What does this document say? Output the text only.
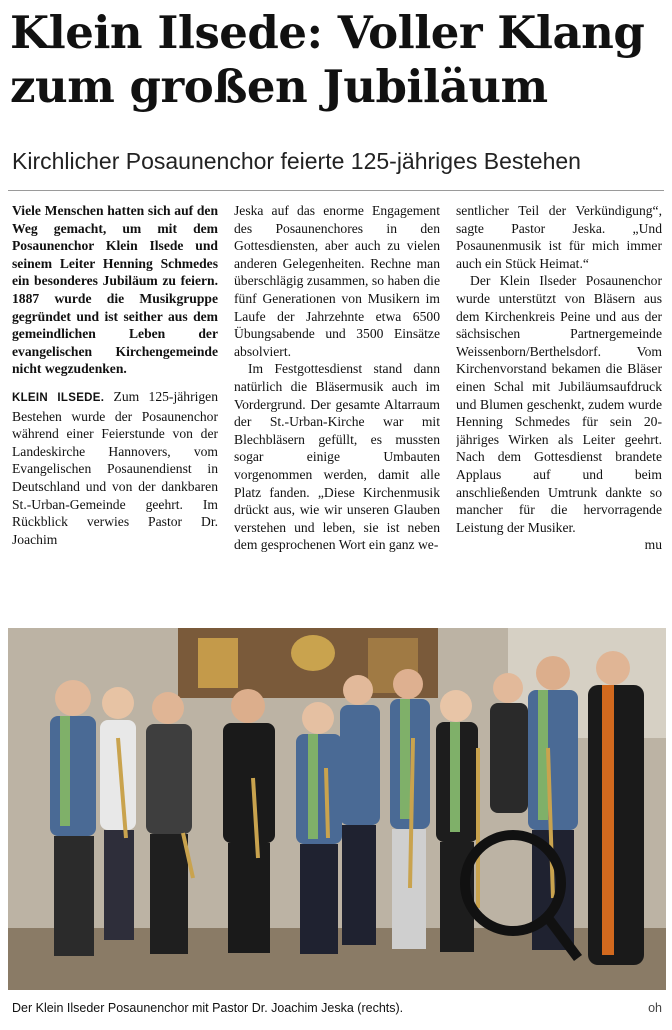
Klein Ilsede: Voller Klang
zum großen Jubiläum
Kirchlicher Posaunenchor feierte 125-jähriges Bestehen

Viele Menschen hatten sich auf den Weg gemacht, um mit dem Posaunenchor Klein Ilsede und seinem Leiter Henning Schmedes ein besonderes Jubiläum zu feiern. 1887 wurde die Musikgruppe gegründet und ist seither aus dem gemeindlichen Leben der evangelischen Kirchengemeinde nicht wegzudenken.

KLEIN ILSEDE. Zum 125-jährigen Bestehen wurde der Posaunenchor während einer Feierstunde von der Landeskirche Hannovers, vom Evangelischen Posaunendienst in Deutschland und von der dankbaren St.-Urban-Gemeinde geehrt. Im Rückblick verwies Pastor Dr. Joachim

Jeska auf das enorme Engagement des Posaunenchores in den Gottesdiensten, aber auch zu vielen anderen Gelegenheiten. Rechne man überschlägig zusammen, so haben die fünf Generationen von Musikern im Laufe der Jahrzehnte etwa 6500 Übungsabende und 3500 Einsätze absolviert.

Im Festgottesdienst stand dann natürlich die Bläsermusik auch im Vordergrund. Der gesamte Altarraum der St.-Urban-Kirche war mit Blechbläsern gefüllt, es mussten sogar einige Umbauten vorgenommen werden, damit alle Platz fanden. „Diese Kirchenmusik drückt aus, wie wir unseren Glauben verstehen und leben, sie ist neben dem gesprochenen Wort ein ganz we-

sentlicher Teil der Verkündigung“, sagte Pastor Jeska. „Und Posaunenmusik ist für mich immer auch ein Stück Heimat.“

Der Klein Ilseder Posaunenchor wurde unterstützt von Bläsern aus dem Kirchenkreis Peine und aus der sächsischen Partnergemeinde Weissenborn/Berthelsdorf. Vom Kirchenvorstand bekamen die Bläser einen Schal mit Jubiläumsaufdruck und Blumen geschenkt, zudem wurde Henning Schmedes für sein 20-jähriges Wirken als Leiter geehrt. Nach dem Gottesdienst brandete Applaus auf und beim anschließenden Umtrunk dankte so mancher für die hervorragende Leistung der Musiker.

mu

Der Klein Ilseder Posaunenchor mit Pastor Dr. Joachim Jeska (rechts).	oh
